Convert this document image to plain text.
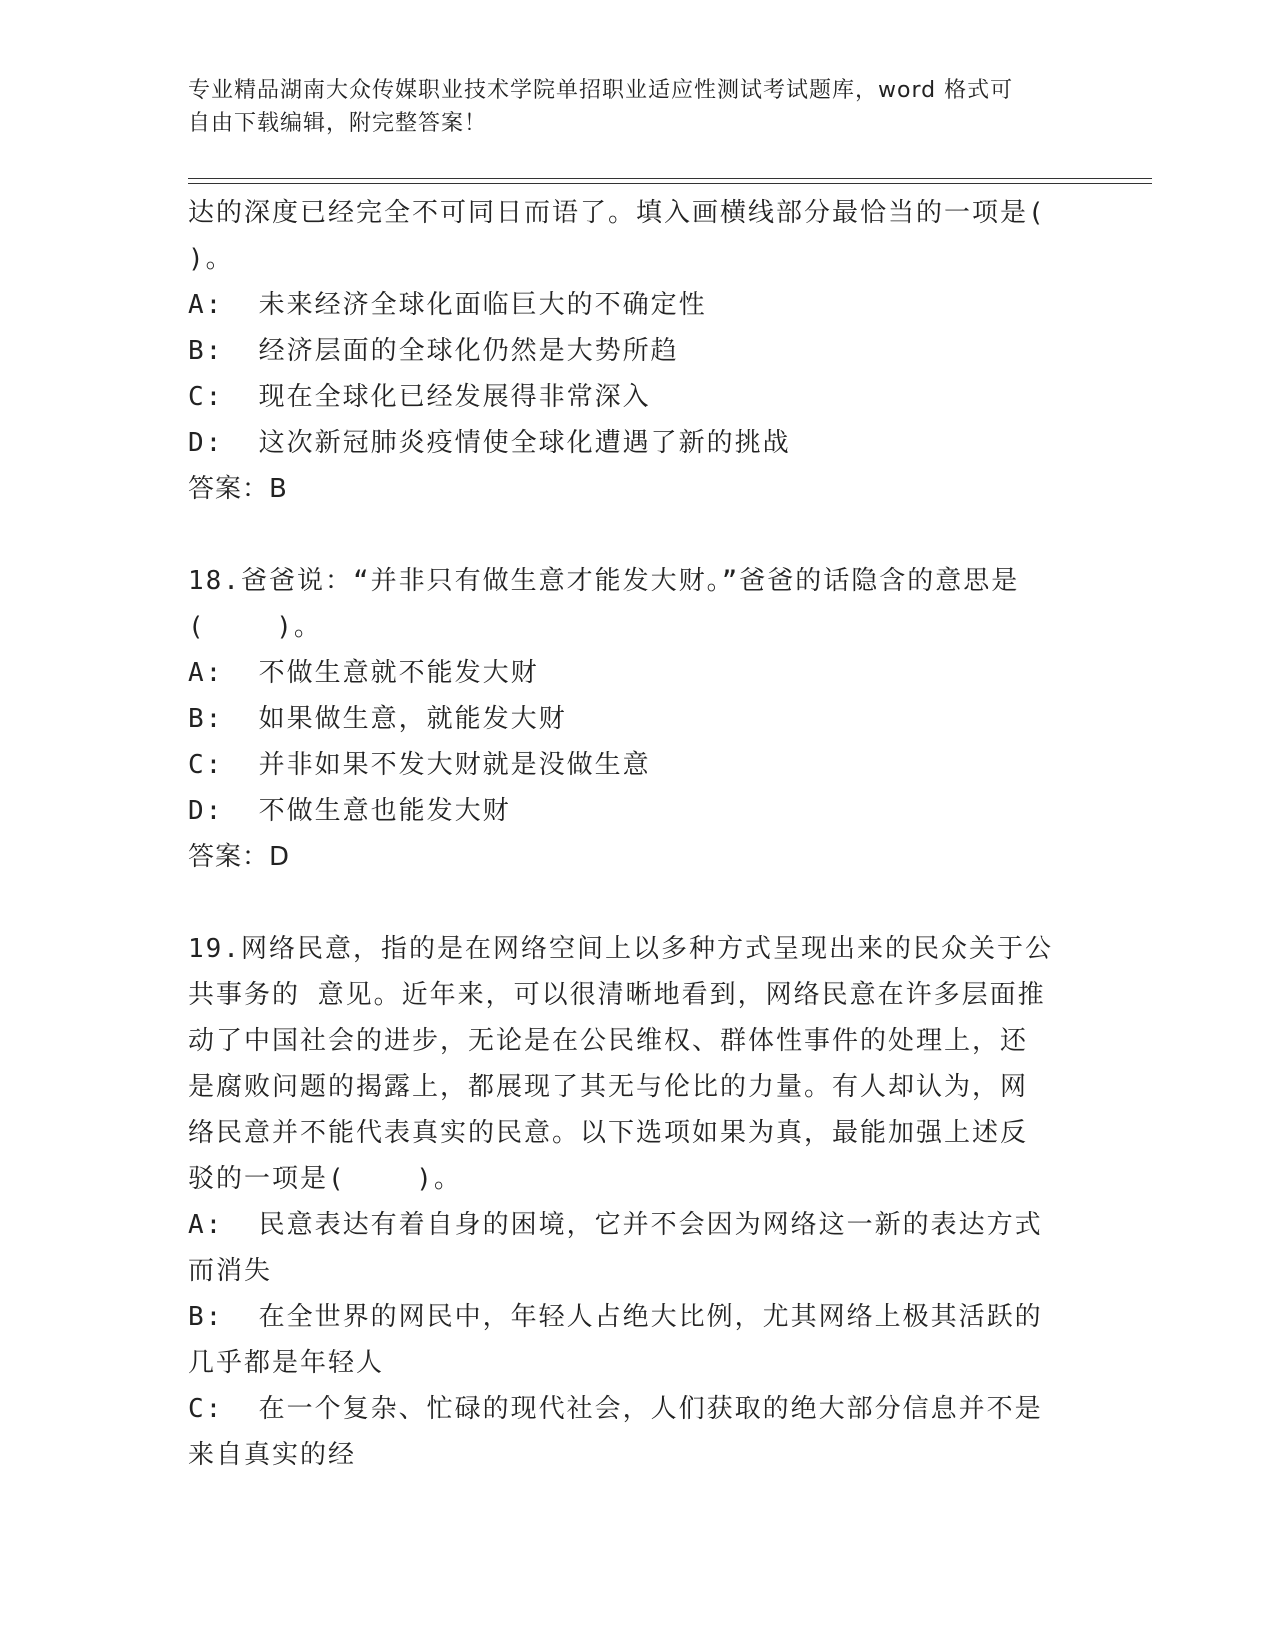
专业精品湖南大众传媒职业技术学院单招职业适应性测试考试题库，word 格式可
自由下载编辑，附完整答案！
达的深度已经完全不可同日而语了。填入画横线部分最恰当的一项是(
)。
A:  未来经济全球化面临巨大的不确定性
B:  经济层面的全球化仍然是大势所趋
C:  现在全球化已经发展得非常深入
D:  这次新冠肺炎疫情使全球化遭遇了新的挑战
答案：B
18.爸爸说：“并非只有做生意才能发大财。”爸爸的话隐含的意思是
(    )。
A:  不做生意就不能发大财
B:  如果做生意，就能发大财
C:  并非如果不发大财就是没做生意
D:  不做生意也能发大财
答案：D
19.网络民意，指的是在网络空间上以多种方式呈现出来的民众关于公
共事务的 意见。近年来，可以很清晰地看到，网络民意在许多层面推
动了中国社会的进步，无论是在公民维权、群体性事件的处理上，还
是腐败问题的揭露上，都展现了其无与伦比的力量。有人却认为，网
络民意并不能代表真实的民意。以下选项如果为真，最能加强上述反
驳的一项是(    )。
A:  民意表达有着自身的困境，它并不会因为网络这一新的表达方式
而消失
B:  在全世界的网民中，年轻人占绝大比例，尤其网络上极其活跃的
几乎都是年轻人
C:  在一个复杂、忙碌的现代社会，人们获取的绝大部分信息并不是
来自真实的经
